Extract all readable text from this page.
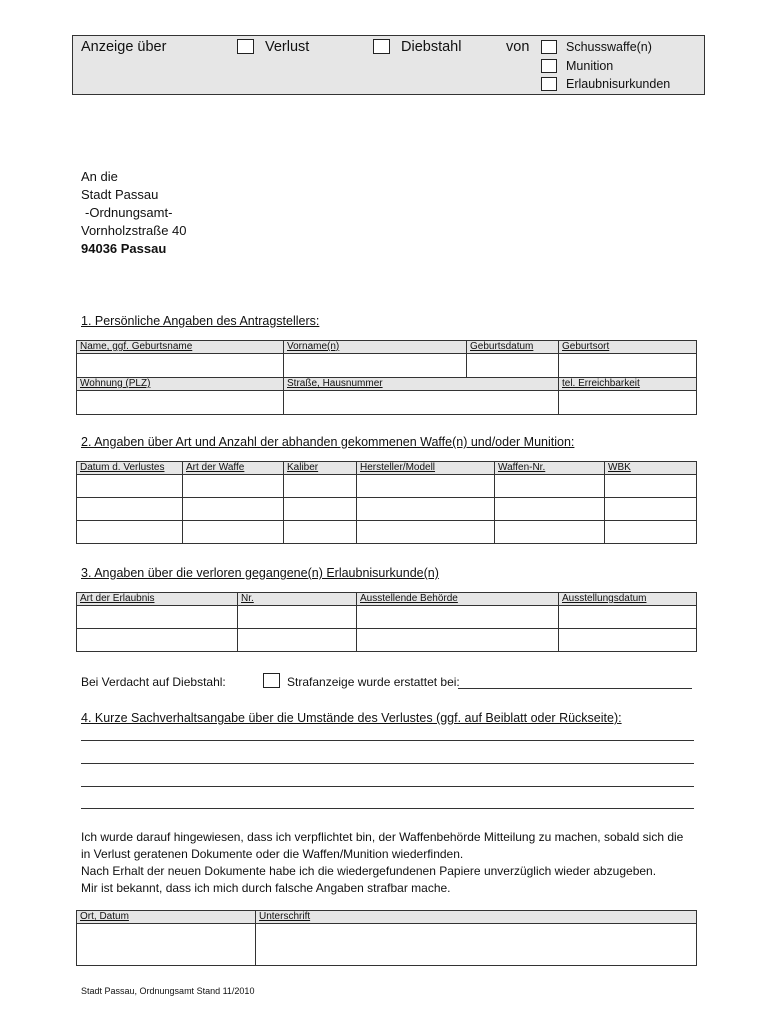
Anzeige über	Verlust	Diebstahl	von	Schusswaffe(n)
Munition
Erlaubnisurkunden
An die
Stadt Passau
-Ordnungsamt-
Vornholzstraße 40
94036 Passau
1. Persönliche Angaben des Antragstellers:
Name, ggf. Geburtsname	Vorname(n)	Geburtsdatum	Geburtsort

Wohnung (PLZ)	Straße, Hausnummer		tel. Erreichbarkeit

2. Angaben über Art und Anzahl der abhanden gekommenen Waffe(n) und/oder Munition:
Datum d. Verlustes	Art der Waffe	Kaliber	Hersteller/Modell	Waffen-Nr.	WBK

3. Angaben über die verloren gegangene(n) Erlaubnisurkunde(n)
Art der Erlaubnis	Nr.	Ausstellende Behörde	Ausstellungsdatum

Bei Verdacht auf Diebstahl:	Strafanzeige wurde erstattet bei:
4. Kurze Sachverhaltsangabe über die Umstände des Verlustes (ggf. auf Beiblatt oder Rückseite):
Ich wurde darauf hingewiesen, dass ich verpflichtet bin, der Waffenbehörde Mitteilung zu machen, sobald sich die
in Verlust geratenen Dokumente oder die Waffen/Munition wiederfinden.
Nach Erhalt der neuen Dokumente habe ich die wiedergefundenen Papiere unverzüglich wieder abzugeben.
Mir ist bekannt, dass ich mich durch falsche Angaben strafbar mache.
Ort, Datum	Unterschrift

Stadt Passau, Ordnungsamt Stand 11/2010
